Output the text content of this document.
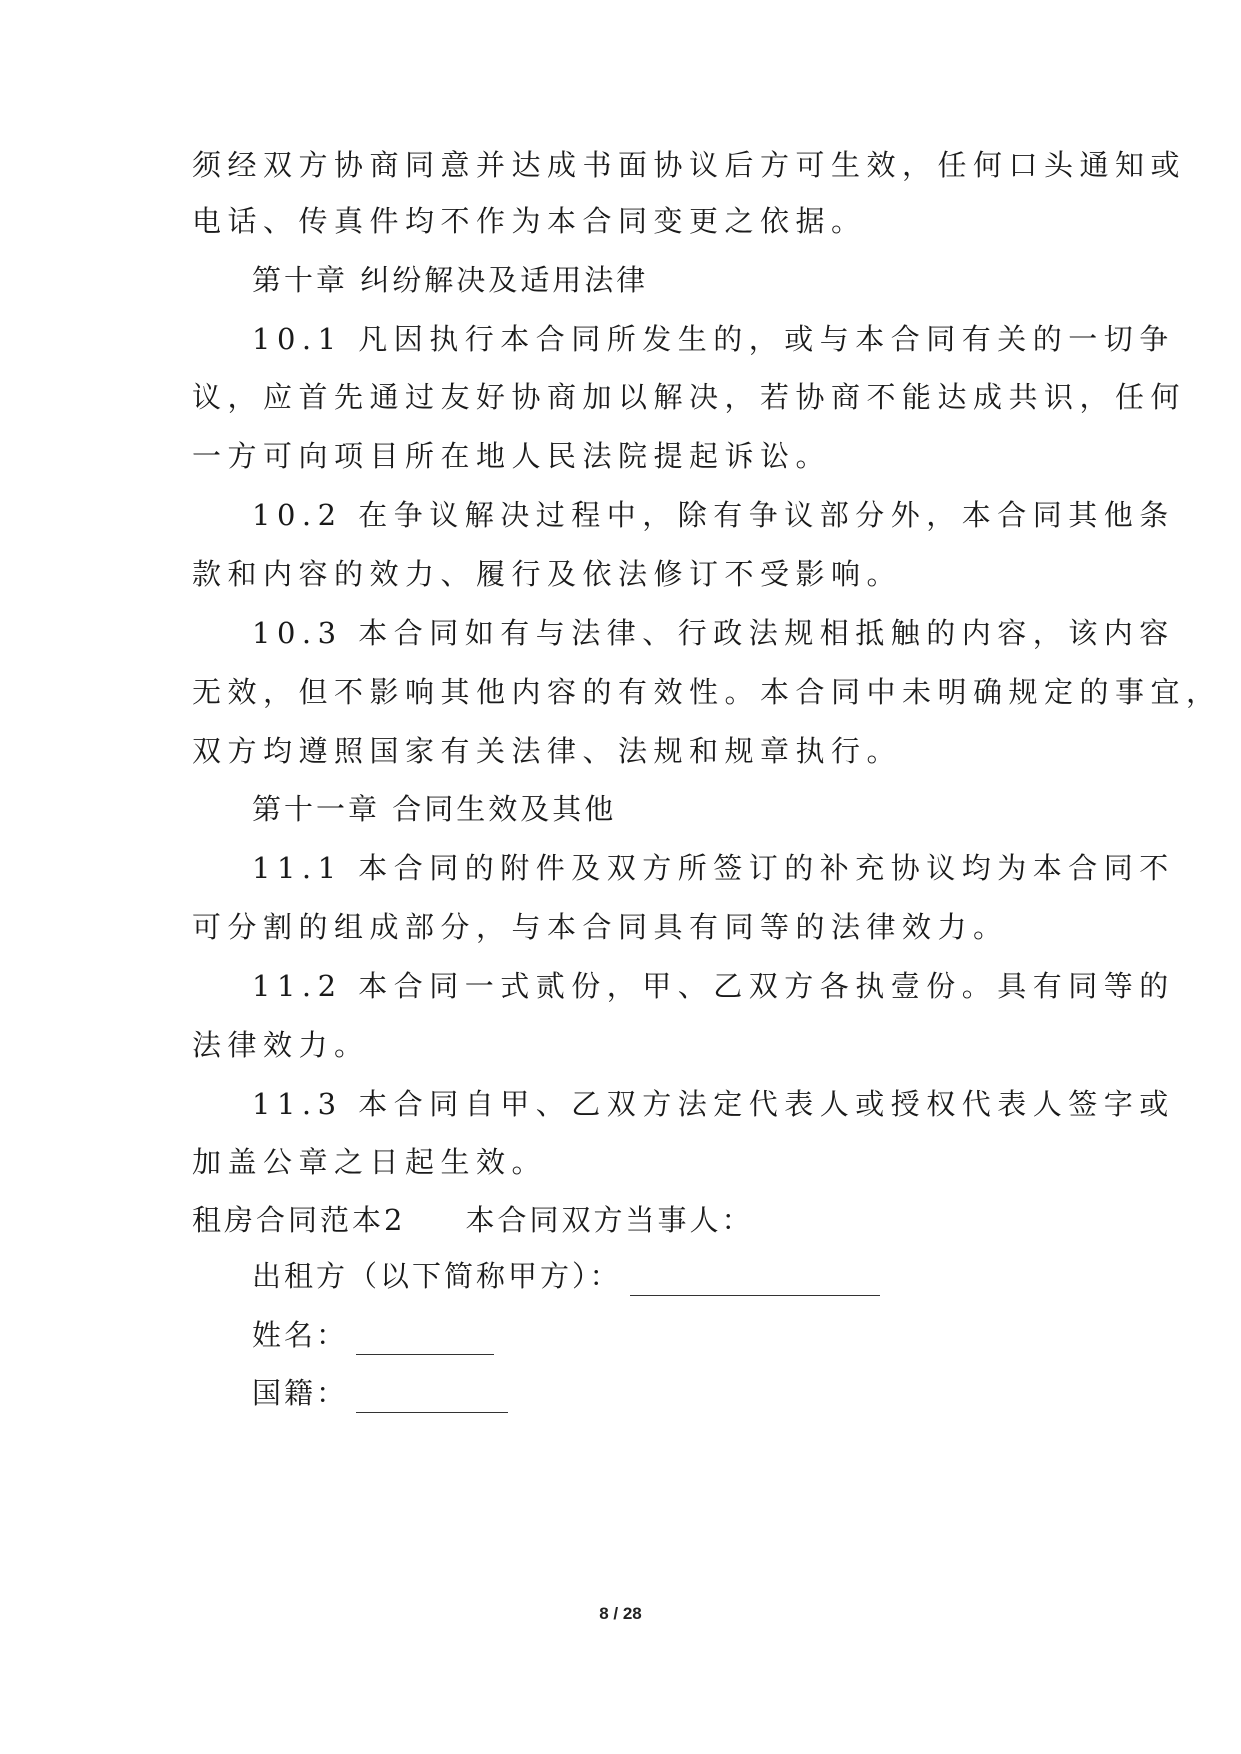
须经双方协商同意并达成书面协议后方可生效，任何口头通知或
电话、传真件均不作为本合同变更之依据。
第十章 纠纷解决及适用法律
10.1 凡因执行本合同所发生的，或与本合同有关的一切争
议，应首先通过友好协商加以解决，若协商不能达成共识，任何
一方可向项目所在地人民法院提起诉讼。
10.2 在争议解决过程中，除有争议部分外，本合同其他条
款和内容的效力、履行及依法修订不受影响。
10.3 本合同如有与法律、行政法规相抵触的内容，该内容
无效，但不影响其他内容的有效性。本合同中未明确规定的事宜，
双方均遵照国家有关法律、法规和规章执行。
第十一章 合同生效及其他
11.1 本合同的附件及双方所签订的补充协议均为本合同不
可分割的组成部分，与本合同具有同等的法律效力。
11.2 本合同一式贰份，甲、乙双方各执壹份。具有同等的
法律效力。
11.3 本合同自甲、乙双方法定代表人或授权代表人签字或
加盖公章之日起生效。
租房合同范本2 本合同双方当事人：
出租方（以下简称甲方）：
姓名：
国籍：
8 / 28
